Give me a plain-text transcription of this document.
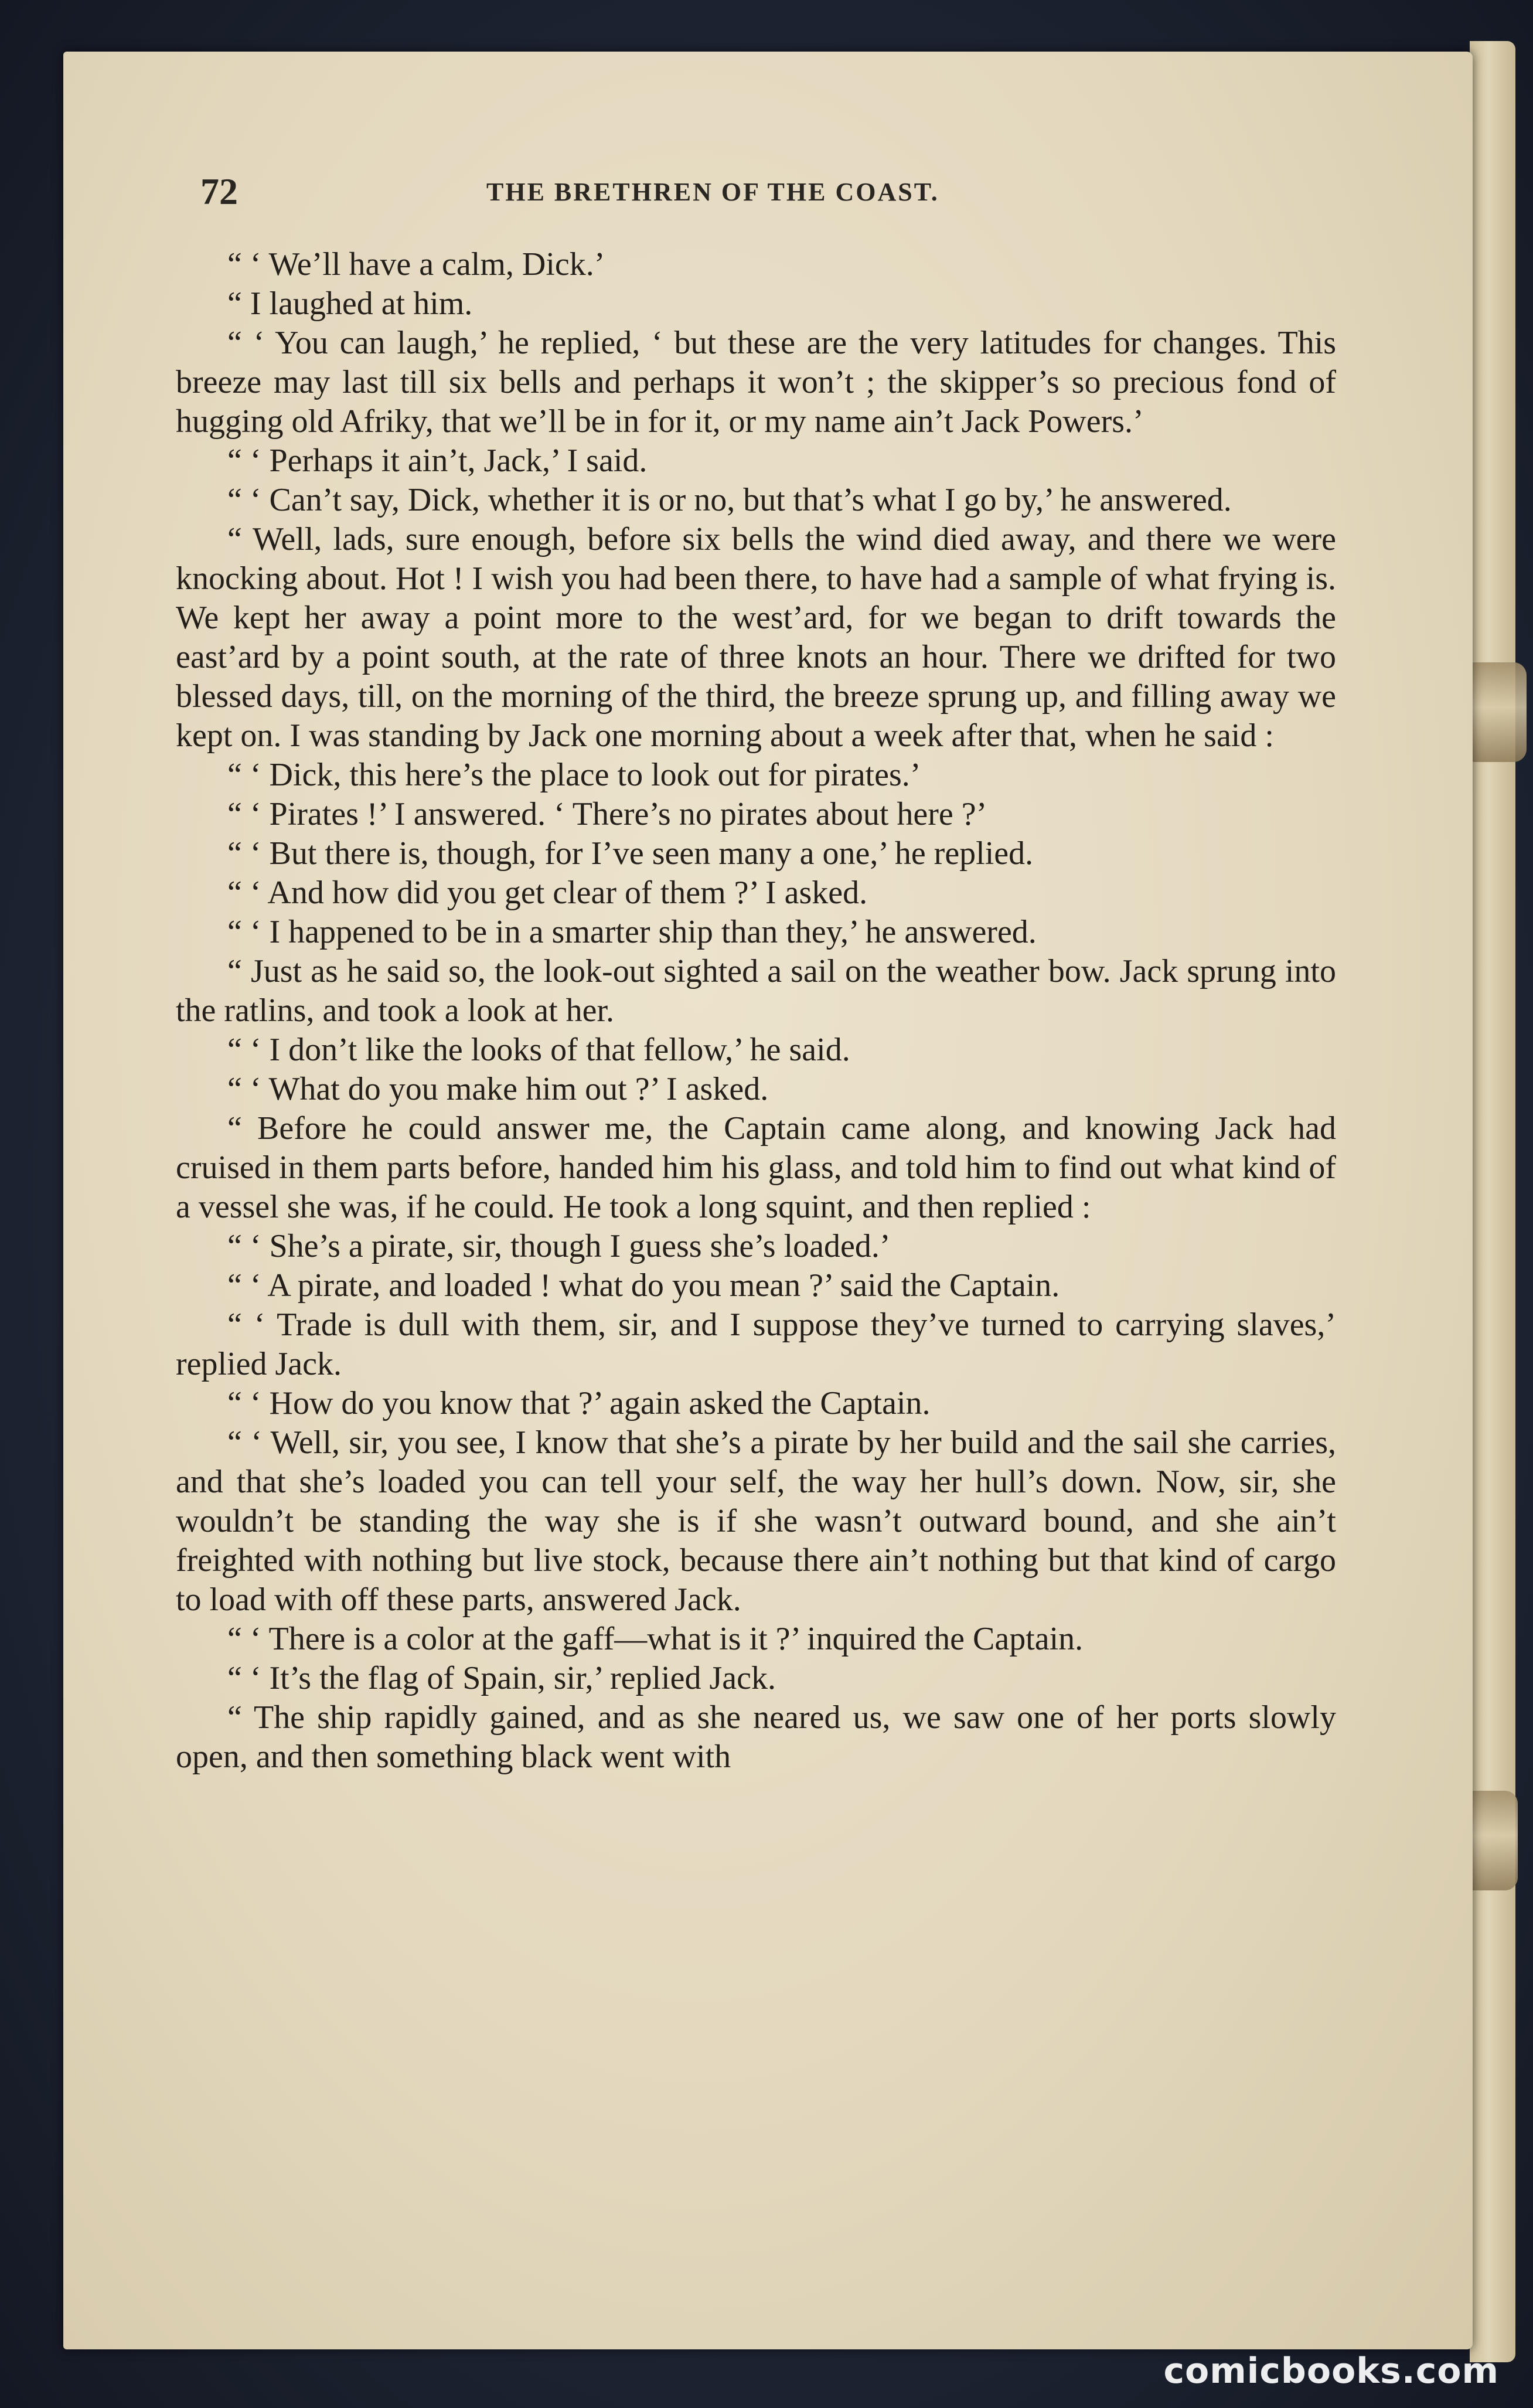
72	THE BRETHREN OF THE COAST.

“ ‘ We’ll have a calm, Dick.’

“ I laughed at him.

“ ‘ You can laugh,’ he replied, ‘ but these are the very latitudes for changes. This breeze may last till six bells and perhaps it won’t ; the skipper’s so precious fond of hugging old Afriky, that we’ll be in for it, or my name ain’t Jack Powers.’

“ ‘ Perhaps it ain’t, Jack,’ I said.

“ ‘ Can’t say, Dick, whether it is or no, but that’s what I go by,’ he answered.

“ Well, lads, sure enough, before six bells the wind died away, and there we were knocking about. Hot ! I wish you had been there, to have had a sample of what frying is. We kept her away a point more to the west’ard, for we began to drift towards the east’ard by a point south, at the rate of three knots an hour. There we drifted for two blessed days, till, on the morning of the third, the breeze sprung up, and filling away we kept on. I was standing by Jack one morning about a week after that, when he said :

“ ‘ Dick, this here’s the place to look out for pirates.’

“ ‘ Pirates !’ I answered. ‘ There’s no pirates about here ?’

“ ‘ But there is, though, for I’ve seen many a one,’ he replied.

“ ‘ And how did you get clear of them ?’ I asked.

“ ‘ I happened to be in a smarter ship than they,’ he answered.

“ Just as he said so, the look-out sighted a sail on the weather bow. Jack sprung into the ratlins, and took a look at her.

“ ‘ I don’t like the looks of that fellow,’ he said.

“ ‘ What do you make him out ?’ I asked.

“ Before he could answer me, the Captain came along, and knowing Jack had cruised in them parts before, handed him his glass, and told him to find out what kind of a vessel she was, if he could. He took a long squint, and then replied :

“ ‘ She’s a pirate, sir, though I guess she’s loaded.’

“ ‘ A pirate, and loaded ! what do you mean ?’ said the Captain.

“ ‘ Trade is dull with them, sir, and I suppose they’ve turned to carrying slaves,’ replied Jack.

“ ‘ How do you know that ?’ again asked the Captain.

“ ‘ Well, sir, you see, I know that she’s a pirate by her build and the sail she carries, and that she’s loaded you can tell your self, the way her hull’s down. Now, sir, she wouldn’t be standing the way she is if she wasn’t outward bound, and she ain’t freighted with nothing but live stock, because there ain’t nothing but that kind of cargo to load with off these parts, answered Jack.

“ ‘ There is a color at the gaff—what is it ?’ inquired the Captain.

“ ‘ It’s the flag of Spain, sir,’ replied Jack.

“ The ship rapidly gained, and as she neared us, we saw one of her ports slowly open, and then something black went with

comicbooks.com
